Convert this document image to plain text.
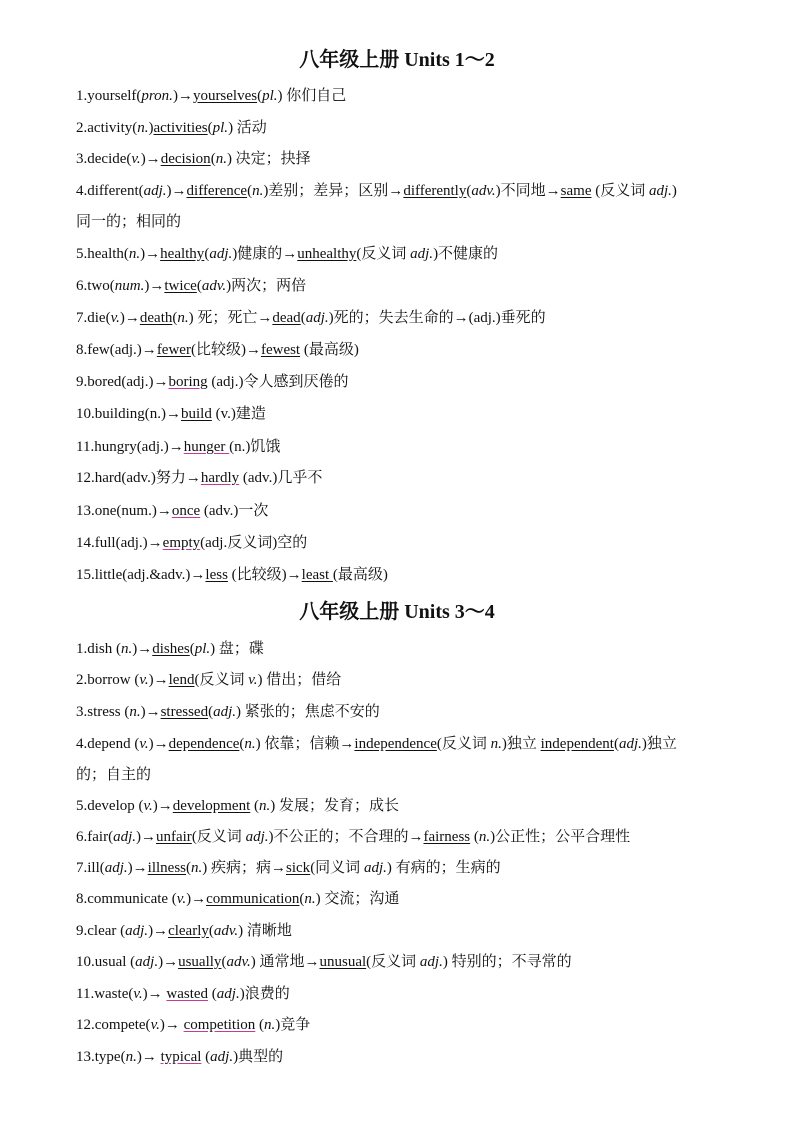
八年级上册 Units 1～2
1.yourself(pron.)→yourselves(pl.) 你们自己
2.activity(n.)activities(pl.) 活动
3.decide(v.)→decision(n.) 决定；抉择
4.different(adj.)→difference(n.)差别；差异；区别→differently(adv.)不同地→same (反义词 adj.)
同一的；相同的
5.health(n.)→healthy(adj.)健康的→unhealthy(反义词 adj.)不健康的
6.two(num.)→twice(adv.)两次；两倍
7.die(v.)→death(n.) 死；死亡→dead(adj.)死的；失去生命的→(adj.)垂死的
8.few(adj.)→fewer(比较级)→fewest (最高级)
9.bored(adj.)→boring (adj.)令人感到厌倦的
10.building(n.)→build (v.)建造
11.hungry(adj.)→hunger (n.)饥饿
12.hard(adv.)努力→hardly (adv.)几乎不
13.one(num.)→once (adv.)一次
14.full(adj.)→empty(adj.反义词)空的
15.little(adj.&adv.)→less (比较级)→least (最高级)
八年级上册 Units 3～4
1.dish (n.)→dishes(pl.) 盘；碟
2.borrow (v.)→lend(反义词 v.) 借出；借给
3.stress (n.)→stressed(adj.) 紧张的；焦虑不安的
4.depend (v.)→dependence(n.) 依靠；信赖→independence(反义词 n.)独立 independent(adj.)独立
的；自主的
5.develop (v.)→development (n.) 发展；发育；成长
6.fair(adj.)→unfair(反义词 adj.)不公正的；不合理的→fairness (n.)公正性；公平合理性
7.ill(adj.)→illness(n.) 疾病；病→sick(同义词 adj.) 有病的；生病的
8.communicate (v.)→communication(n.) 交流；沟通
9.clear (adj.)→clearly(adv.) 清晰地
10.usual (adj.)→usually(adv.) 通常地→unusual(反义词 adj.) 特别的；不寻常的
11.waste(v.)→ wasted (adj.)浪费的
12.compete(v.)→ competition (n.)竞争
13.type(n.)→ typical (adj.)典型的
